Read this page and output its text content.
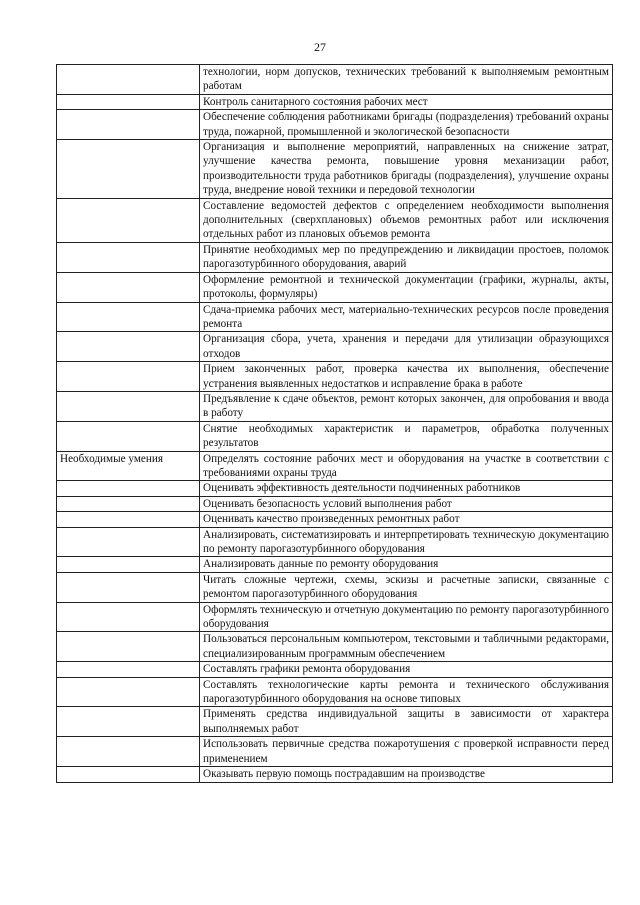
27
	технологии, норм допусков, технических требований к выполняемым ремонтным работам
	Контроль санитарного состояния рабочих мест
	Обеспечение соблюдения работниками бригады (подразделения) требований охраны труда, пожарной, промышленной и экологической безопасности
	Организация и выполнение мероприятий, направленных на снижение затрат, улучшение качества ремонта, повышение уровня механизации работ, производительности труда работников бригады (подразделения), улучшение охраны труда, внедрение новой техники и передовой технологии
	Составление ведомостей дефектов с определением необходимости выполнения дополнительных (сверхплановых) объемов ремонтных работ или исключения отдельных работ из плановых объемов ремонта
	Принятие необходимых мер по предупреждению и ликвидации простоев, поломок парогазотурбинного оборудования, аварий
	Оформление ремонтной и технической документации (графики, журналы, акты, протоколы, формуляры)
	Сдача-приемка рабочих мест, материально-технических ресурсов после проведения ремонта
	Организация сбора, учета, хранения и передачи для утилизации образующихся отходов
	Прием законченных работ, проверка качества их выполнения, обеспечение устранения выявленных недостатков и исправление брака в работе
	Предъявление к сдаче объектов, ремонт которых закончен, для опробования и ввода в работу
	Снятие необходимых характеристик и параметров, обработка полученных результатов
Необходимые умения	Определять состояние рабочих мест и оборудования на участке в соответствии с требованиями охраны труда
	Оценивать эффективность деятельности подчиненных работников
	Оценивать безопасность условий выполнения работ
	Оценивать качество произведенных ремонтных работ
	Анализировать, систематизировать и интерпретировать техническую документацию по ремонту парогазотурбинного оборудования
	Анализировать данные по ремонту оборудования
	Читать сложные чертежи, схемы, эскизы и расчетные записки, связанные с ремонтом парогазотурбинного оборудования
	Оформлять техническую и отчетную документацию по ремонту парогазотурбинного оборудования
	Пользоваться персональным компьютером, текстовыми и табличными редакторами, специализированным программным обеспечением
	Составлять графики ремонта оборудования
	Составлять технологические карты ремонта и технического обслуживания парогазотурбинного оборудования на основе типовых
	Применять средства индивидуальной защиты в зависимости от характера выполняемых работ
	Использовать первичные средства пожаротушения с проверкой исправности перед применением
	Оказывать первую помощь пострадавшим на производстве
